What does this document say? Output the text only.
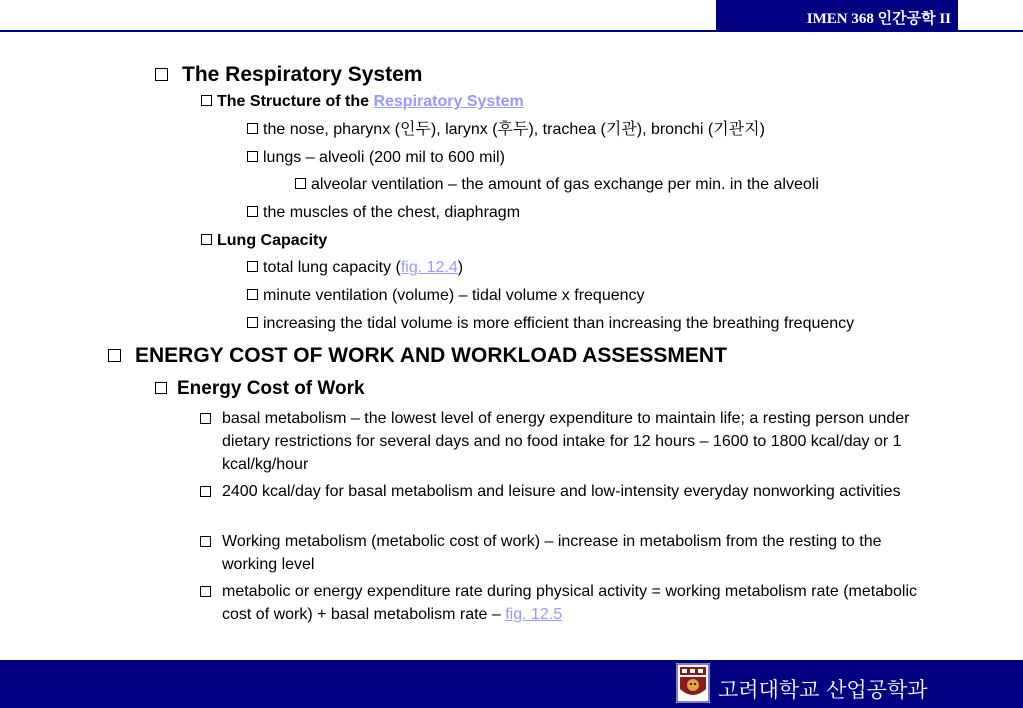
IMEN 368 인간공학 II
The Respiratory System
The Structure of the Respiratory System
the nose, pharynx (인두), larynx (후두), trachea (기관), bronchi (기관지)
lungs – alveoli (200 mil to 600 mil)
alveolar ventilation – the amount of gas exchange per min. in the alveoli
the muscles of the chest, diaphragm
Lung Capacity
total lung capacity (fig. 12.4)
minute ventilation (volume) – tidal volume x frequency
increasing the tidal volume is more efficient than increasing the breathing frequency
ENERGY COST OF WORK AND WORKLOAD ASSESSMENT
Energy Cost of Work
basal metabolism – the lowest level of energy expenditure to maintain life; a resting person under dietary restrictions for several days and no food intake for 12 hours – 1600 to 1800 kcal/day or 1 kcal/kg/hour
2400 kcal/day for basal metabolism and leisure and low-intensity everyday nonworking activities
Working metabolism (metabolic cost of work) – increase in metabolism from the resting to the working level
metabolic or energy expenditure rate during physical activity = working metabolism rate (metabolic cost of work) + basal metabolism rate – fig. 12.5
고려대학교 산업공학과
